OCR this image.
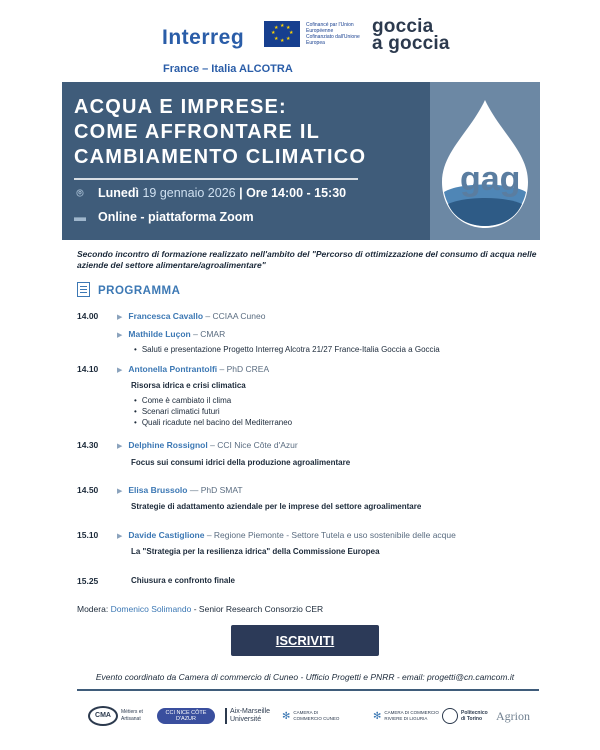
Interreg	★ ★
★
★
★
★
★
★	Cofinancé par l'Union Européenne
Cofinanziato dall'Unione Europea
goccia
a goccia
France – Italia ALCOTRA
gag
ACQUA E IMPRESE:
COME AFFRONTARE IL
CAMBIAMENTO CLIMATICO
⌾ Lunedì 19 gennaio 2026 | Ore 14:00 - 15:30
▬ Online - piattaforma Zoom
Secondo incontro di formazione realizzato nell'ambito del "Percorso di ottimizzazione del consumo di acqua nelle aziende del settore alimentare/agroalimentare"
PROGRAMMA
14.00	▶ Francesca Cavallo – CCIAA Cuneo
▶ Mathilde Luçon – CMAR
• Saluti e presentazione Progetto Interreg Alcotra 21/27 France-Italia Goccia a Goccia
14.10	▶ Antonella Pontrantolfi – PhD CREA
Risorsa idrica e crisi climatica
• Come è cambiato il clima
• Scenari climatici futuri
• Quali ricadute nel bacino del Mediterraneo
14.30	▶ Delphine Rossignol – CCI Nice Côte d'Azur
Focus sui consumi idrici della produzione agroalimentare
14.50	▶ Elisa Brussolo — PhD SMAT
Strategie di adattamento aziendale per le imprese del settore agroalimentare
15.10	▶ Davide Castiglione – Regione Piemonte - Settore Tutela e uso sostenibile delle acque
La "Strategia per la resilienza idrica" della Commissione Europea
15.25	Chiusura e confronto finale
Modera: Domenico Solimando - Senior Research Consorzio CER
ISCRIVITI
Evento coordinato da Camera di commercio di Cuneo - Ufficio Progetti e PNRR - email: progetti@cn.camcom.it
CMA	Métiers et Artisanat
CCI NICE CÔTE D'AZUR
Aix-Marseille Université	✻ CAMERA DI COMMERCIO CUNEO	✻ CAMERA DI COMMERCIO RIVIERE DI LIGURIA
Politecnico di Torino	Agrion
